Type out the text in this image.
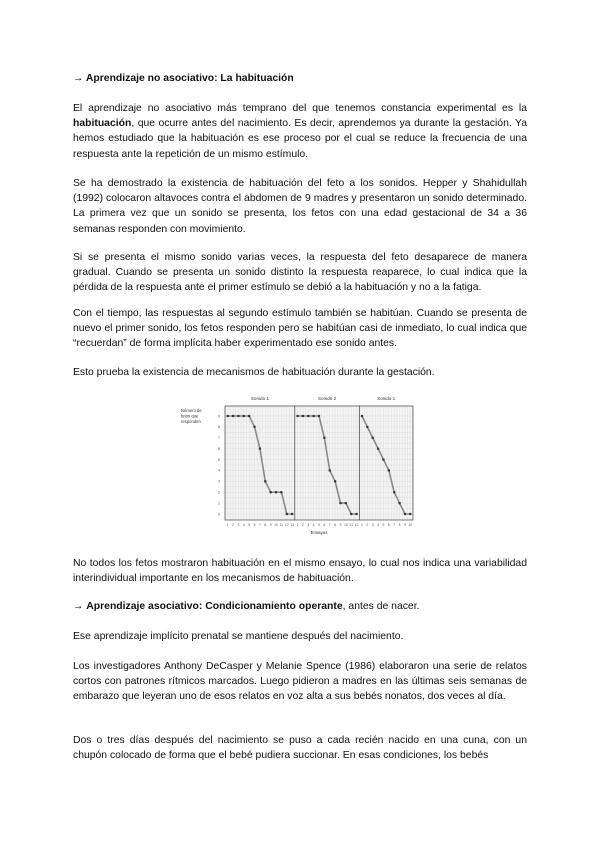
→ Aprendizaje no asociativo: La habituación

El aprendizaje no asociativo más temprano del que tenemos constancia experimental es la habituación, que ocurre antes del nacimiento. Es decir, aprendemos ya durante la gestación. Ya hemos estudiado que la habituación es ese proceso por el cual se reduce la frecuencia de una respuesta ante la repetición de un mismo estímulo.

Se ha demostrado la existencia de habituación del feto a los sonidos. Hepper y Shahidullah (1992) colocaron altavoces contra el abdomen de 9 madres y presentaron un sonido determinado. La primera vez que un sonido se presenta, los fetos con una edad gestacional de 34 a 36 semanas responden con movimiento.

Si se presenta el mismo sonido varias veces, la respuesta del feto desaparece de manera gradual. Cuando se presenta un sonido distinto la respuesta reaparece, lo cual indica que la pérdida de la respuesta ante el primer estímulo se debió a la habituación y no a la fatiga.

Con el tiempo, las respuestas al segundo estímulo también se habitúan. Cuando se presenta de nuevo el primer sonido, los fetos responden pero se habitúan casi de inmediato, lo cual indica que “recuerdan” de forma implícita haber experimentado ese sonido antes.

Esto prueba la existencia de mecanismos de habituación durante la gestación.

No todos los fetos mostraron habituación en el mismo ensayo, lo cual nos indica una variabilidad interindividual importante en los mecanismos de habituación.

→ Aprendizaje asociativo: Condicionamiento operante, antes de nacer.

Ese aprendizaje implícito prenatal se mantiene después del nacimiento.

Los investigadores Anthony DeCasper y Melanie Spence (1986) elaboraron una serie de relatos cortos con patrones rítmicos marcados. Luego pidieron a madres en las últimas seis semanas de embarazo que leyeran uno de esos relatos en voz alta a sus bebés nonatos, dos veces al día.

Dos o tres días después del nacimiento se puso a cada recién nacido en una cuna, con un chupón colocado de forma que el bebé pudiera succionar. En esas condiciones, los bebés

Número de
fetos que
responden
0
1
2
3
4
5
6
7
8
9
Sonido 1
1 2 3 4 5 6 7 8 9 10 11 12 13
Sonido 2
1 2 3 4 5 6 7 8 9 10 11 12
Sonido 1
1 2 3 4 5 6 7 8 9 10
Ensayos
